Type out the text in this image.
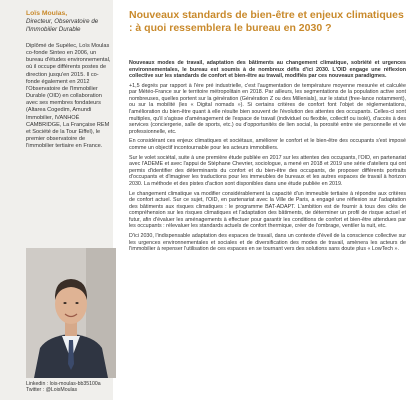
Loïs Moulas,
Directeur, Observatoire de l'Immobilier Durable

Diplômé de Supélec, Loïs Moulas co-fonde Sinteo en 2006, un bureau d'études environnemental, où il occupe différents postes de direction jusqu'en 2015. Il co-fonde également en 2012 l'Observatoire de l'Immobilier Durable (OID) en collaboration avec ses membres fondateurs (Altarea Cogedim, Amundi Immobilier, IVANHOÉ CAMBRIDGE, La Française REM et Société de la Tour Eiffel), le premier observatoire de l'immobilier tertiaire en France.

Linkedin : lois-moulas-bb35100a
Twitter : @LoisMoulas
Nouveaux standards de bien-être et enjeux climatiques : à quoi ressemblera le bureau en 2030 ?

Nouveaux modes de travail, adaptation des bâtiments au changement climatique, sobriété et urgences environnementales, le bureau est soumis à de nombreux défis d'ici 2030. L'OID engage une réflexion collective sur les standards de confort et bien-être au travail, modifiés par ces nouveaux paradigmes.

+1,5 degrés par rapport à l'ère pré industrielle, c'est l'augmentation de température moyenne mesurée et calculée par Météo-France sur le territoire métropolitain en 2018. Par ailleurs, les segmentations de la population active sont nombreuses, quelles portent sur la génération (Génération Z ou des Millenials), sur le statut (free-lance notamment), ou sur la mobilité (les « Digital nomads »). Si certains critères de confort font l'objet de réglementations, l'amélioration du bien-être quant à elle résulte bien souvent de l'évolution des attentes des occupants. Celles-ci sont multiples, qu'il s'agisse d'aménagement de l'espace de travail (individuel ou flexible, collectif ou isolé), d'accès à des services (conciergerie, salle de sports, etc.) ou d'opportunités de lien social, la porosité entre vie personnelle et vie professionnelle, etc.

En considérant ces enjeux climatiques et sociétaux, améliorer le confort et le bien-être des occupants s'est imposé comme un objectif incontournable pour les acteurs immobiliers.

Sur le volet sociétal, suite à une première étude publiée en 2017 sur les attentes des occupants, l'OID, en partenariat avec l'ADEME et avec l'appui de Stéphane Chevrier, sociologue, a mené en 2018 et 2019 une série d'ateliers qui ont permis d'identifier des déterminants du confort et du bien-être des occupants, de proposer différents portraits d'occupants et d'imaginer les traductions pour les immeubles de bureaux et les autres espaces de travail à horizon 2030. La méthode et des pistes d'action sont disponibles dans une étude publiée en 2019.

Le changement climatique va modifier considérablement la capacité d'un immeuble tertiaire à répondre aux critères de confort actuel. Sur ce sujet, l'OID, en partenariat avec la Ville de Paris, a engagé une réflexion sur l'adaptation des bâtiments aux risques climatiques : le programme BAT-ADAPT. L'ambition est de fournir à tous des clés de compréhension sur les risques climatiques et l'adaptation des bâtiments, de déterminer un profil de risque actuel et futur, afin d'évaluer les aménagements à effectuer pour garantir les conditions de confort et bien-être attendues par les occupants : rélevaluer les standards actuels de confort thermique, créer de l'ombrage, ventiler la nuit, etc.

D'ici 2030, l'indispensable adaptation des espaces de travail, dans un contexte d'éveil de la conscience collective sur les urgences environnementales et sociales et de diversification des modes de travail, amènera les acteurs de l'immobilier à repenser l'utilisation de ces espaces en se tournant vers des solutions sans doute plus « LowTech ».
